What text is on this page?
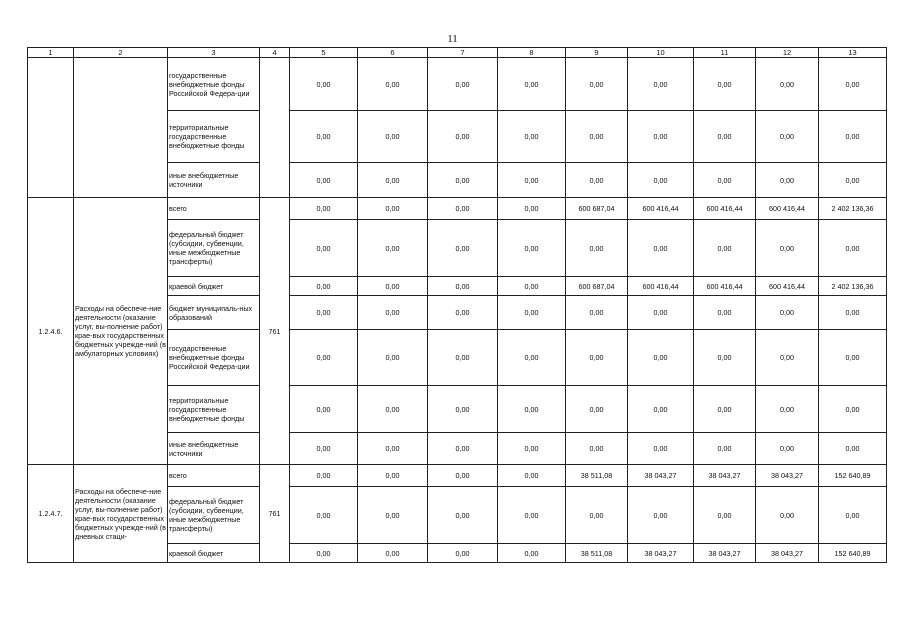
11
1	2	3	4	5	6	7	8	9	10	11	12	13
		государственные внебюджетные фонды Российской Федера-ции		0,00	0,00	0,00	0,00	0,00	0,00	0,00	0,00	0,00
		территориальные государственные внебюджетные фонды		0,00	0,00	0,00	0,00	0,00	0,00	0,00	0,00	0,00
		иные внебюджетные источники		0,00	0,00	0,00	0,00	0,00	0,00	0,00	0,00	0,00
1.2.4.6.	Расходы на обеспече-ние деятельности (оказание услуг, вы-полнение работ) крае-вых государственных бюджетных учрежде-ний (в амбулаторных условиях)	всего	761	0,00	0,00	0,00	0,00	600 687,04	600 416,44	600 416,44	600 416,44	2 402 136,36
		федеральный бюджет (субсидии, субвенции, иные межбюджетные трансферты)		0,00	0,00	0,00	0,00	0,00	0,00	0,00	0,00	0,00
		краевой бюджет		0,00	0,00	0,00	0,00	600 687,04	600 416,44	600 416,44	600 416,44	2 402 136,36
		бюджет муниципаль-ных образований		0,00	0,00	0,00	0,00	0,00	0,00	0,00	0,00	0,00
		государственные внебюджетные фонды Российской Федера-ции		0,00	0,00	0,00	0,00	0,00	0,00	0,00	0,00	0,00
		территориальные государственные внебюджетные фонды		0,00	0,00	0,00	0,00	0,00	0,00	0,00	0,00	0,00
		иные внебюджетные источники		0,00	0,00	0,00	0,00	0,00	0,00	0,00	0,00	0,00
1.2.4.7.	Расходы на обеспече-ние деятельности (оказание услуг, вы-полнение работ) крае-вых государственных бюджетных учрежде-ний (в дневных стаци-	всего	761	0,00	0,00	0,00	0,00	38 511,08	38 043,27	38 043,27	38 043,27	152 640,89
		федеральный бюджет (субсидии, субвенции, иные межбюджетные трансферты)		0,00	0,00	0,00	0,00	0,00	0,00	0,00	0,00	0,00
		краевой бюджет		0,00	0,00	0,00	0,00	38 511,08	38 043,27	38 043,27	38 043,27	152 640,89
